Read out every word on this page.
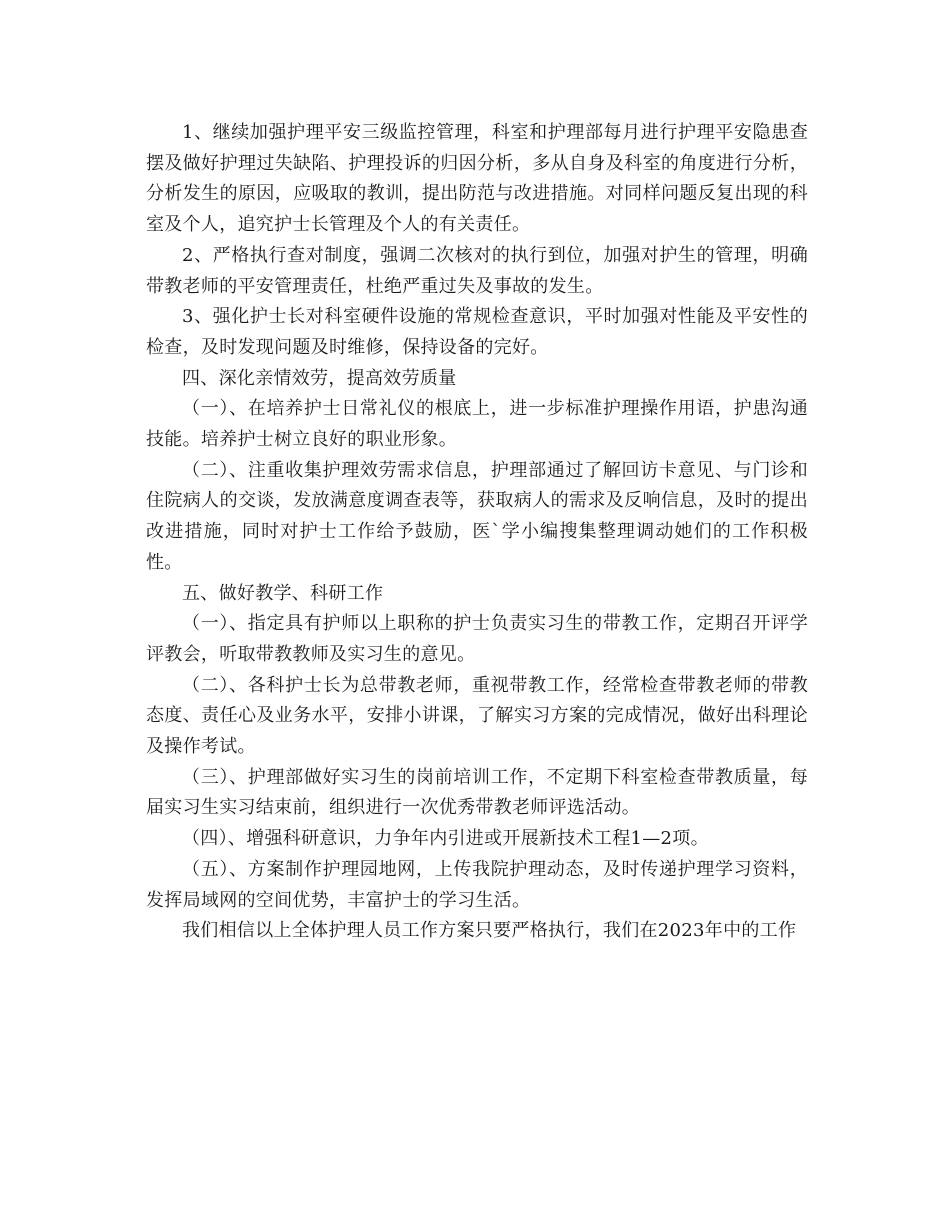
1、继续加强护理平安三级监控管理，科室和护理部每月进行护理平安隐患查摆及做好护理过失缺陷、护理投诉的归因分析，多从自身及科室的角度进行分析，分析发生的原因，应吸取的教训，提出防范与改进措施。对同样问题反复出现的科室及个人，追究护士长管理及个人的有关责任。

2、严格执行查对制度，强调二次核对的执行到位，加强对护生的管理，明确带教老师的平安管理责任，杜绝严重过失及事故的发生。

3、强化护士长对科室硬件设施的常规检查意识，平时加强对性能及平安性的检查，及时发现问题及时维修，保持设备的完好。

四、深化亲情效劳，提高效劳质量

（一）、在培养护士日常礼仪的根底上，进一步标准护理操作用语，护患沟通技能。培养护士树立良好的职业形象。

（二）、注重收集护理效劳需求信息，护理部通过了解回访卡意见、与门诊和住院病人的交谈，发放满意度调查表等，获取病人的需求及反响信息，及时的提出改进措施，同时对护士工作给予鼓励，医`学小编搜集整理调动她们的工作积极性。

五、做好教学、科研工作

（一）、指定具有护师以上职称的护士负责实习生的带教工作，定期召开评学评教会，听取带教教师及实习生的意见。

（二）、各科护士长为总带教老师，重视带教工作，经常检查带教老师的带教态度、责任心及业务水平，安排小讲课，了解实习方案的完成情况，做好出科理论及操作考试。

（三）、护理部做好实习生的岗前培训工作，不定期下科室检查带教质量，每届实习生实习结束前，组织进行一次优秀带教老师评选活动。

（四）、增强科研意识，力争年内引进或开展新技术工程1—2项。

（五）、方案制作护理园地网，上传我院护理动态，及时传递护理学习资料，发挥局域网的空间优势，丰富护士的学习生活。

我们相信以上全体护理人员工作方案只要严格执行，我们在2023年中的工作
